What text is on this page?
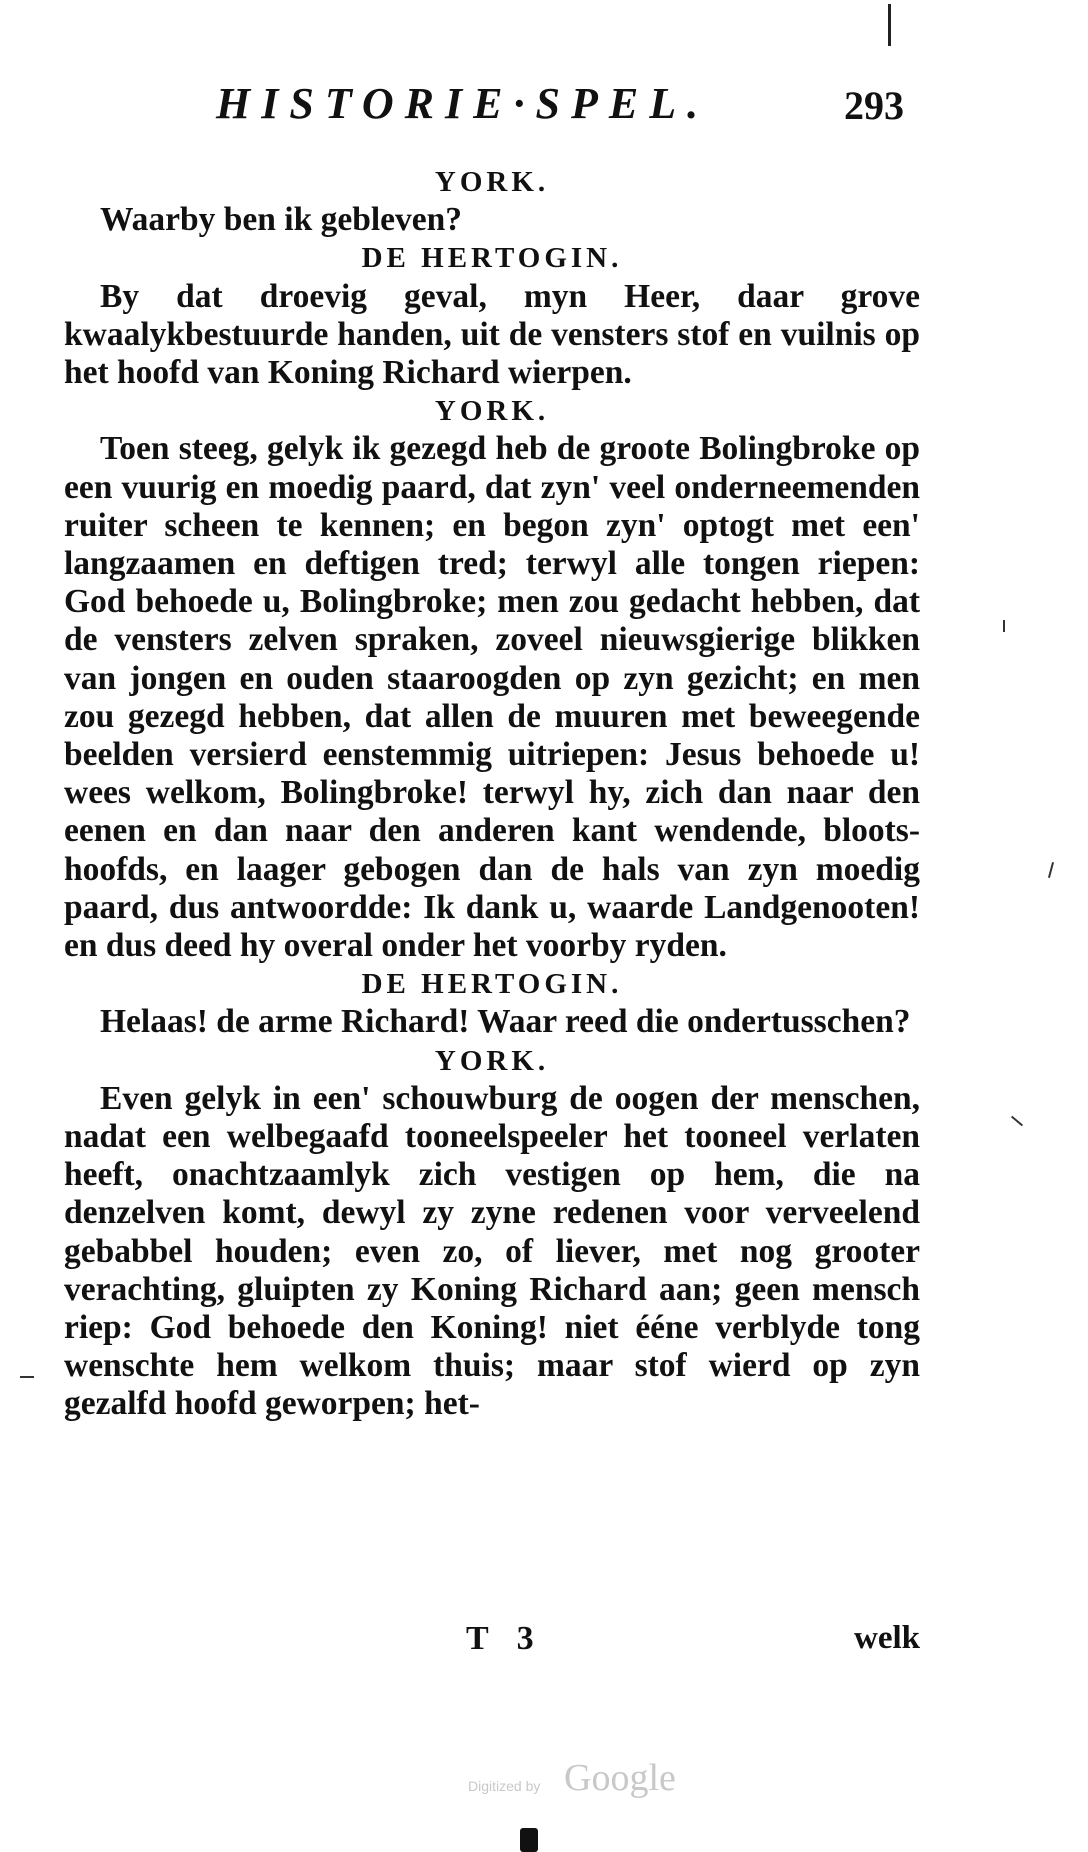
HISTORIE·SPEL.	293
YORK.

Waarby ben ik gebleven?

DE HERTOGIN.

By dat droevig geval, myn Heer, daar grove kwaalykbestuurde handen, uit de vensters stof en vuilnis op het hoofd van Koning Richard wierpen.

YORK.

Toen steeg, gelyk ik gezegd heb de groote Bolingbroke op een vuurig en moedig paard, dat zyn' veel onderneemenden ruiter scheen te kennen; en begon zyn' optogt met een' langzaamen en deftigen tred; terwyl alle tongen riepen: God behoede u, Bolingbroke; men zou gedacht hebben, dat de vensters zelven spraken, zoveel nieuwsgierige blikken van jongen en ouden staaroogden op zyn gezicht; en men zou gezegd hebben, dat allen de muuren met beweegende beelden versierd eenstemmig uitriepen: Jesus behoede u! wees welkom, Bolingbroke! terwyl hy, zich dan naar den eenen en dan naar den anderen kant wendende, bloots-hoofds, en laager gebogen dan de hals van zyn moedig paard, dus antwoordde: Ik dank u, waarde Landgenooten! en dus deed hy overal onder het voorby ryden.

DE HERTOGIN.

Helaas! de arme Richard! Waar reed die ondertusschen?

YORK.

Even gelyk in een' schouwburg de oogen der menschen, nadat een welbegaafd tooneelspeeler het tooneel verlaten heeft, onachtzaamlyk zich vestigen op hem, die na denzelven komt, dewyl zy zyne redenen voor verveelend gebabbel houden; even zo, of liever, met nog grooter verachting, gluipten zy Koning Richard aan; geen mensch riep: God behoede den Koning! niet ééne verblyde tong wenschte hem welkom thuis; maar stof wierd op zyn gezalfd hoofd geworpen; het-

T 3	welk
Digitized by Google
